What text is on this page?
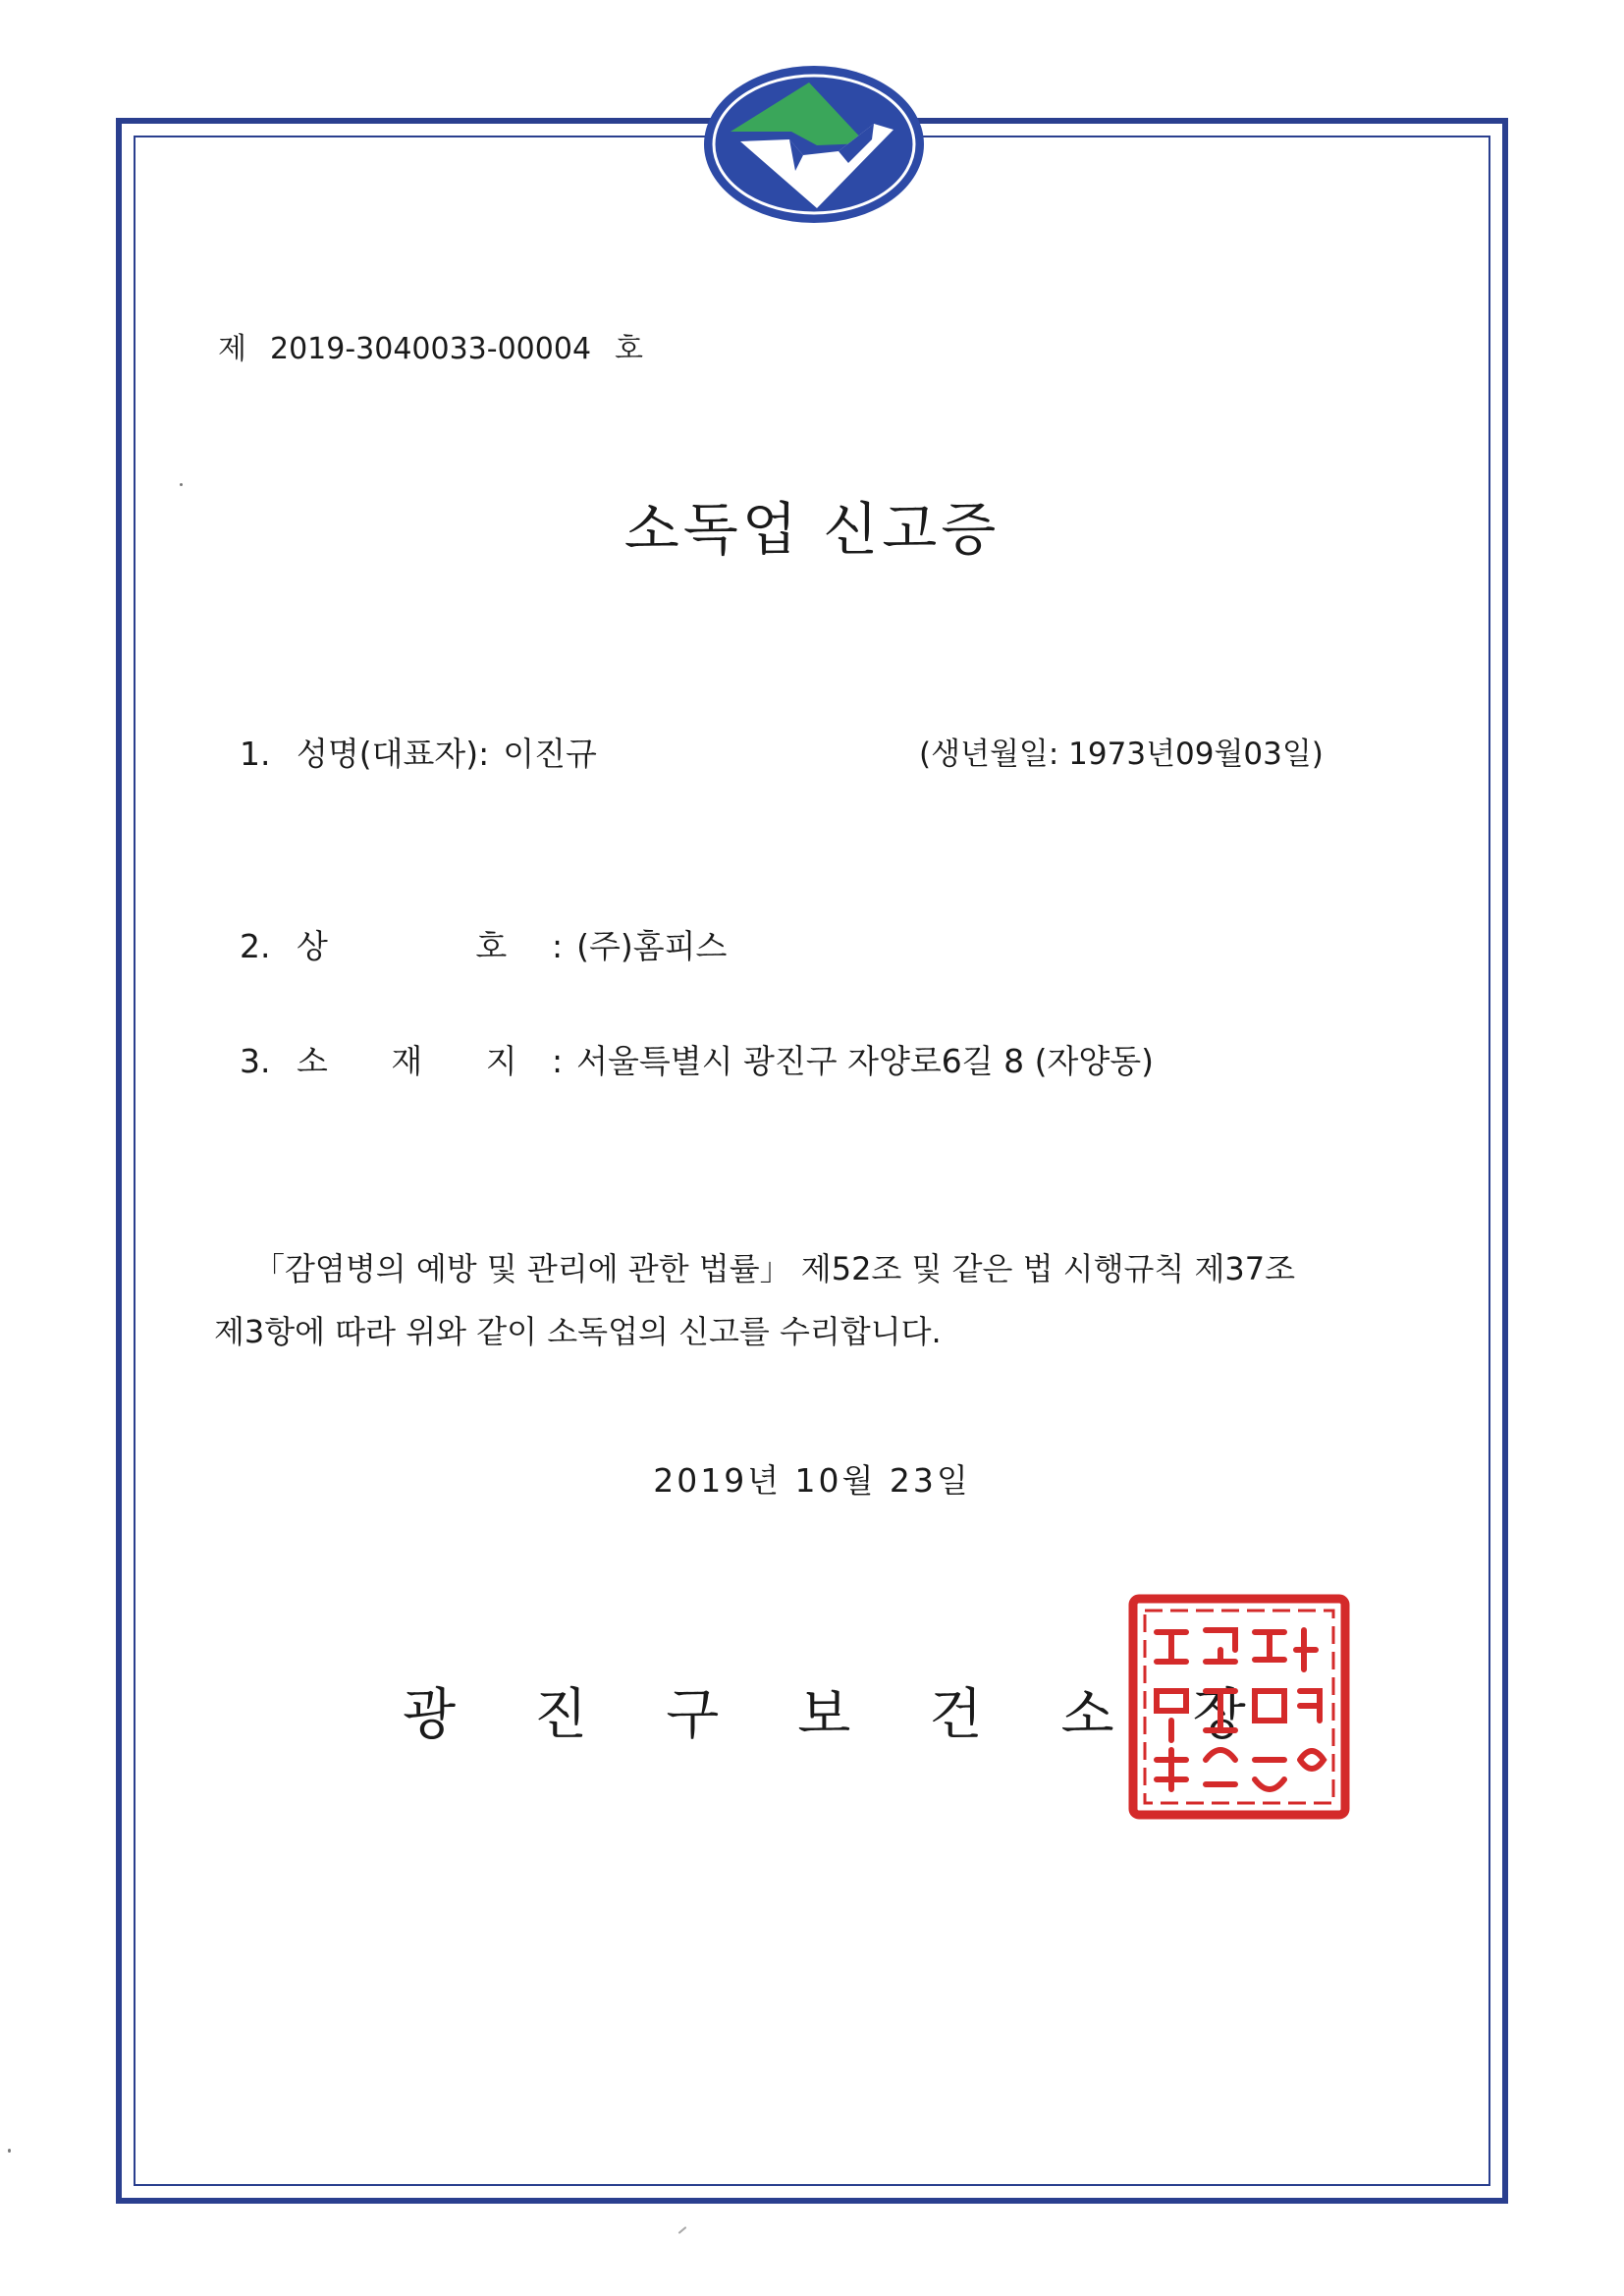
제 2019-3040033-00004 호
소독업 신고증
1. 성명(대표자): 이진규	(생년월일: 1973년09월03일)
2. 상 호 : (주)홈피스
3. 소 재 지 : 서울특별시 광진구 자양로6길 8 (자양동)

「감염병의 예방 및 관리에 관한 법률」 제52조 및 같은 법 시행규칙 제37조

제3항에 따라 위와 같이 소독업의 신고를 수리합니다.

2019년 10월 23일
광진구보건소장
